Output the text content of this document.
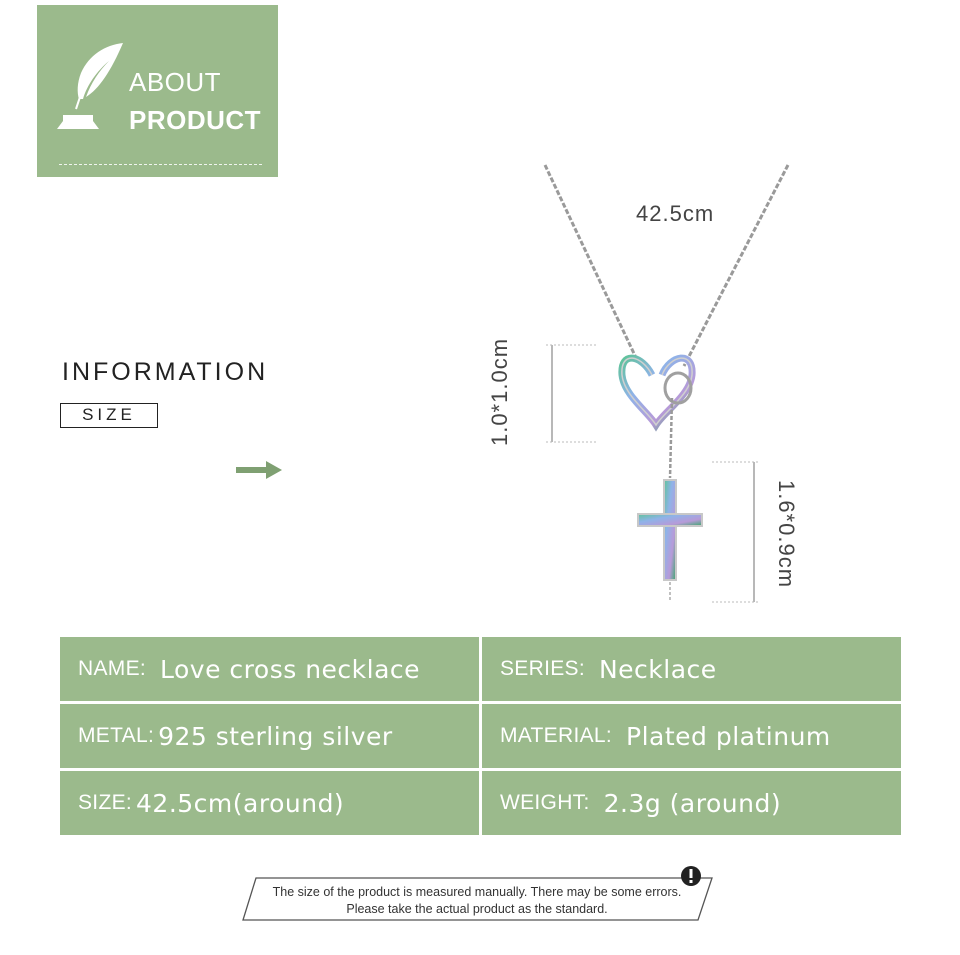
ABOUT
PRODUCT
INFORMATION
SIZE
42.5cm
1.0*1.0cm
1.6*0.9cm
NAME: Love cross necklace	SERIES: Necklace
METAL: 925 sterling silver	MATERIAL: Plated platinum
SIZE: 42.5cm(around)	WEIGHT: 2.3g (around)
The size of the product is measured manually. There may be some errors.
Please take the actual product as the standard.
